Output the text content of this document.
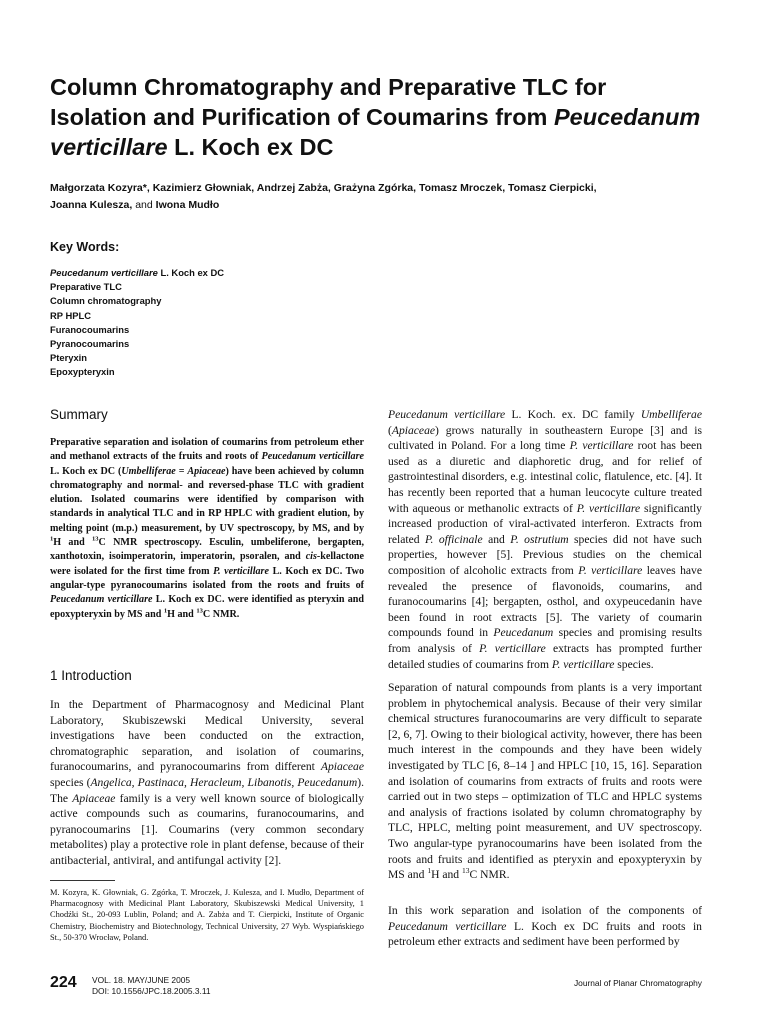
Column Chromatography and Preparative TLC for
Isolation and Purification of Coumarins from Peucedanum
verticillare L. Koch ex DC
Małgorzata Kozyra*, Kazimierz Głowniak, Andrzej Zabża, Grażyna Zgórka, Tomasz Mroczek, Tomasz Cierpicki,
Joanna Kulesza, and Iwona Mudło
Key Words:
Peucedanum verticillare L. Koch ex DC
Preparative TLC
Column chromatography
RP HPLC
Furanocoumarins
Pyranocoumarins
Pteryxin
Epoxypteryxin
Summary

Preparative separation and isolation of coumarins from petroleum ether and methanol extracts of the fruits and roots of Peucedanum verticillare L. Koch ex DC (Umbelliferae = Apiaceae) have been achieved by column chromatography and normal- and reversed-phase TLC with gradient elution. Isolated coumarins were identified by comparison with standards in analytical TLC and in RP HPLC with gradient elution, by melting point (m.p.) measurement, by UV spectroscopy, by MS, and by $^1$H and $^{13}$C NMR spectroscopy. Esculin, umbeliferone, bergapten, xanthotoxin, isoimperatorin, imperatorin, psoralen, and cis-kellactone were isolated for the first time from P. verticillare L. Koch ex DC. Two angular-type pyranocoumarins isolated from the roots and fruits of Peucedanum verticillare L. Koch ex DC. were identified as pteryxin and epoxypteryxin by MS and $^1$H and $^{13}$C NMR.

1 Introduction

In the Department of Pharmacognosy and Medicinal Plant Laboratory, Skubiszewski Medical University, several investigations have been conducted on the extraction, chromatographic separation, and isolation of coumarins, furanocoumarins, and pyranocoumarins from different Apiaceae species (Angelica, Pastinaca, Heracleum, Libanotis, Peucedanum). The Apiaceae family is a very well known source of biologically active compounds such as coumarins, furanocoumarins, and pyranocoumarins [1]. Coumarins (very common secondary metabolites) play a protective role in plant defense, because of their antibacterial, antiviral, and antifungal activity [2].

M. Kozyra, K. Głowniak, G. Zgórka, T. Mroczek, J. Kulesza, and I. Mudło, Department of Pharmacognosy with Medicinal Plant Laboratory, Skubiszewski Medical University, 1 Chodźki St., 20-093 Lublin, Poland; and A. Zabża and T. Cierpicki, Institute of Organic Chemistry, Biochemistry and Biotechnology, Technical University, 27 Wyb. Wyspiańskiego St., 50-370 Wrocław, Poland.

Peucedanum verticillare L. Koch. ex. DC family Umbelliferae (Apiaceae) grows naturally in southeastern Europe [3] and is cultivated in Poland. For a long time P. verticillare root has been used as a diuretic and diaphoretic drug, and for relief of gastrointestinal disorders, e.g. intestinal colic, flatulence, etc. [4]. It has recently been reported that a human leucocyte culture treated with aqueous or methanolic extracts of P. verticillare significantly increased production of viral-activated interferon. Extracts from related P. officinale and P. ostrutium species did not have such properties, however [5]. Previous studies on the chemical composition of alcoholic extracts from P. verticillare leaves have revealed the presence of flavonoids, coumarins, and furanocoumarins [4]; bergapten, osthol, and oxypeucedanin have been found in root extracts [5]. The variety of coumarin compounds found in Peucedanum species and promising results from analysis of P. verticillare extracts has prompted further detailed studies of coumarins from P. verticillare species.

Separation of natural compounds from plants is a very important problem in phytochemical analysis. Because of their very similar chemical structures furanocoumarins are very difficult to separate [2, 6, 7]. Owing to their biological activity, however, there has been much interest in the compounds and they have been widely investigated by TLC [6, 8–14 ] and HPLC [10, 15, 16]. Separation and isolation of coumarins from extracts of fruits and roots were carried out in two steps – optimization of TLC and HPLC systems and analysis of fractions isolated by column chromatography by TLC, HPLC, melting point measurement, and UV spectroscopy. Two angular-type pyranocoumarins have been isolated from the roots and fruits and identified as pteryxin and epoxypteryxin by MS and $^1$H and $^{13}$C NMR.

In this work separation and isolation of the components of Peucedanum verticillare L. Koch ex DC fruits and roots in petroleum ether extracts and sediment have been performed by

224 VOL. 18. MAY/JUNE 2005
DOI: 10.1556/JPC.18.2005.3.11
Journal of Planar Chromatography
